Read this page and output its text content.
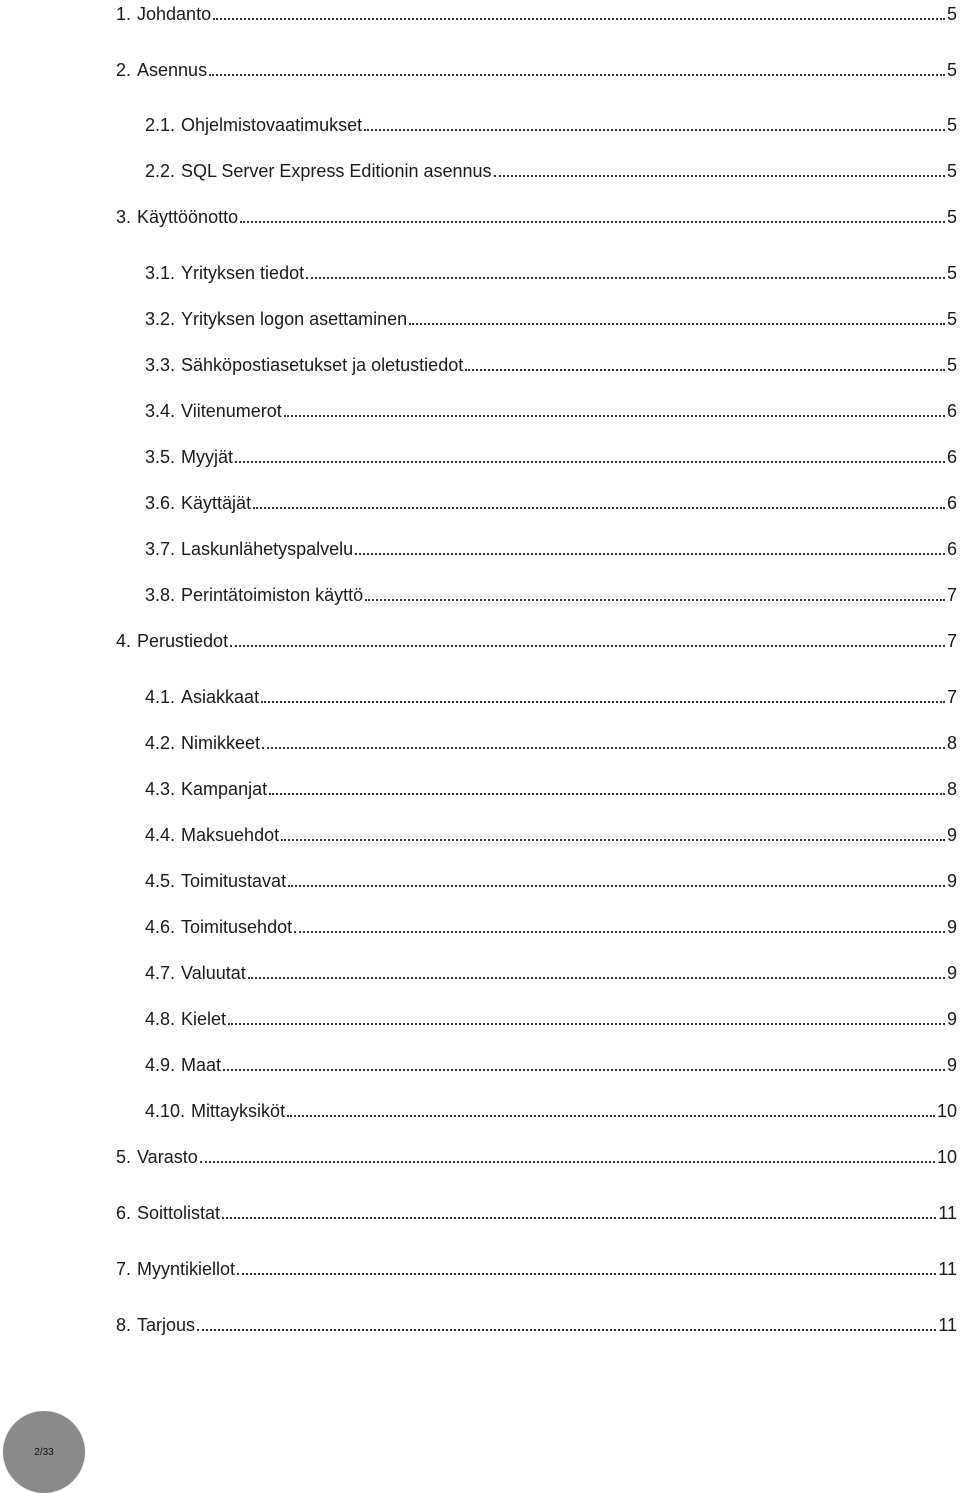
1. Johdanto	5
2. Asennus	5
2.1. Ohjelmistovaatimukset	5
2.2. SQL Server Express Editionin asennus	5
3. Käyttöönotto	5
3.1. Yrityksen tiedot	5
3.2. Yrityksen logon asettaminen	5
3.3. Sähköpostiasetukset ja oletustiedot	5
3.4. Viitenumerot	6
3.5. Myyjät	6
3.6. Käyttäjät	6
3.7. Laskunlähetyspalvelu	6
3.8. Perintätoimiston käyttö	7
4. Perustiedot	7
4.1. Asiakkaat	7
4.2. Nimikkeet	8
4.3. Kampanjat	8
4.4. Maksuehdot	9
4.5. Toimitustavat	9
4.6. Toimitusehdot	9
4.7. Valuutat	9
4.8. Kielet	9
4.9. Maat	9
4.10. Mittayksiköt	10
5. Varasto	10
6. Soittolistat	11
7. Myyntikiellot	11
8. Tarjous	11
2/33
